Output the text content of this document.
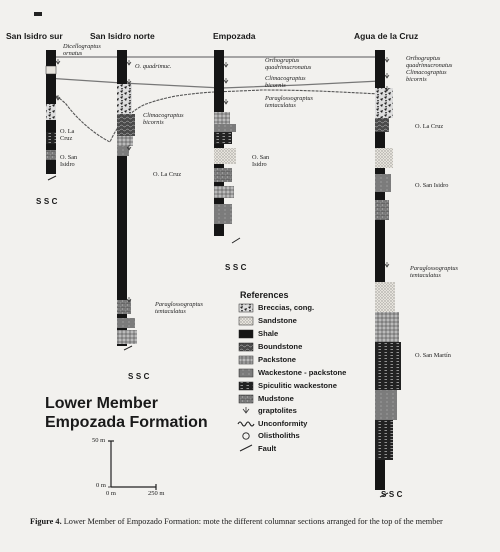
San Isidro sur	San Isidro norte	Empozada	Agua de la Cruz
Dicellograptus
ornatus
O. La
Cruz
O. San
Isidro
SSC
O. quadrimuc.
Climacograptus
bicornis
O. La Cruz
Paraglossograptus
tentaculatus
SSC
Orthograptus
quadrimucronatus
Climacograptus
bicornis
Paraglossograptus
tentaculatus
O. San
Isidro
SSC
Orthograptus
quadrimucronatus
Climacograptus
bicornis
O. La Cruz
O. San Isidro
Paraglossograptus
tentaculatus
O. San Martín
SSC
Lower Member
Empozada Formation
References
Breccias, cong.
Sandstone
Shale
Boundstone
Packstone
Wackestone - packstone
Spiculitic wackestone
Mudstone
graptolites
Unconformity
Olistholiths
Fault
50 m
0 m
0 m	250 m
Figure 4. Lower Member of Empozado Formation: mote the different columnar sections arranged for the top of the member
